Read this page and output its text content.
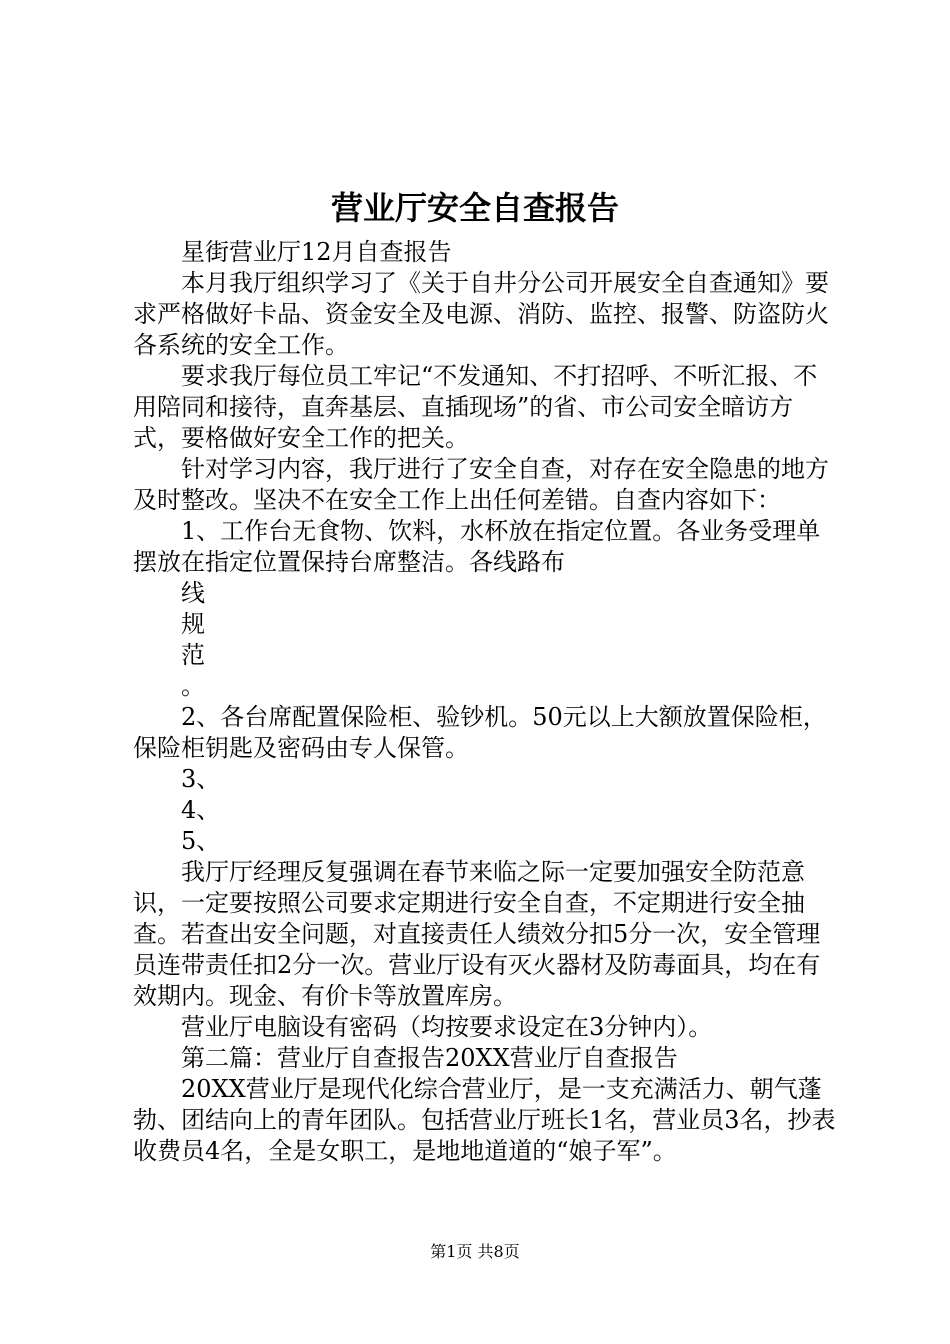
营业厅安全自查报告

星街营业厅12月自查报告

本月我厅组织学习了《关于自井分公司开展安全自查通知》要求严格做好卡品、资金安全及电源、消防、监控、报警、防盗防火各系统的安全工作。

要求我厅每位员工牢记“不发通知、不打招呼、不听汇报、不用陪同和接待，直奔基层、直插现场”的省、市公司安全暗访方式，要格做好安全工作的把关。

针对学习内容，我厅进行了安全自查，对存在安全隐患的地方及时整改。坚决不在安全工作上出任何差错。自查内容如下：

1、工作台无食物、饮料，水杯放在指定位置。各业务受理单摆放在指定位置保持台席整洁。各线路布

线

规

范

。

2、各台席配置保险柜、验钞机。50元以上大额放置保险柜，保险柜钥匙及密码由专人保管。

3、

4、

5、

我厅厅经理反复强调在春节来临之际一定要加强安全防范意识，一定要按照公司要求定期进行安全自查，不定期进行安全抽查。若查出安全问题，对直接责任人绩效分扣5分一次，安全管理员连带责任扣2分一次。营业厅设有灭火器材及防毒面具，均在有效期内。现金、有价卡等放置库房。

营业厅电脑设有密码（均按要求设定在3分钟内）。

第二篇：营业厅自查报告20XX营业厅自查报告

20XX营业厅是现代化综合营业厅，是一支充满活力、朝气蓬勃、团结向上的青年团队。包括营业厅班长1名，营业员3名，抄表收费员4名，全是女职工，是地地道道的“娘子军”。

第1页 共8页
